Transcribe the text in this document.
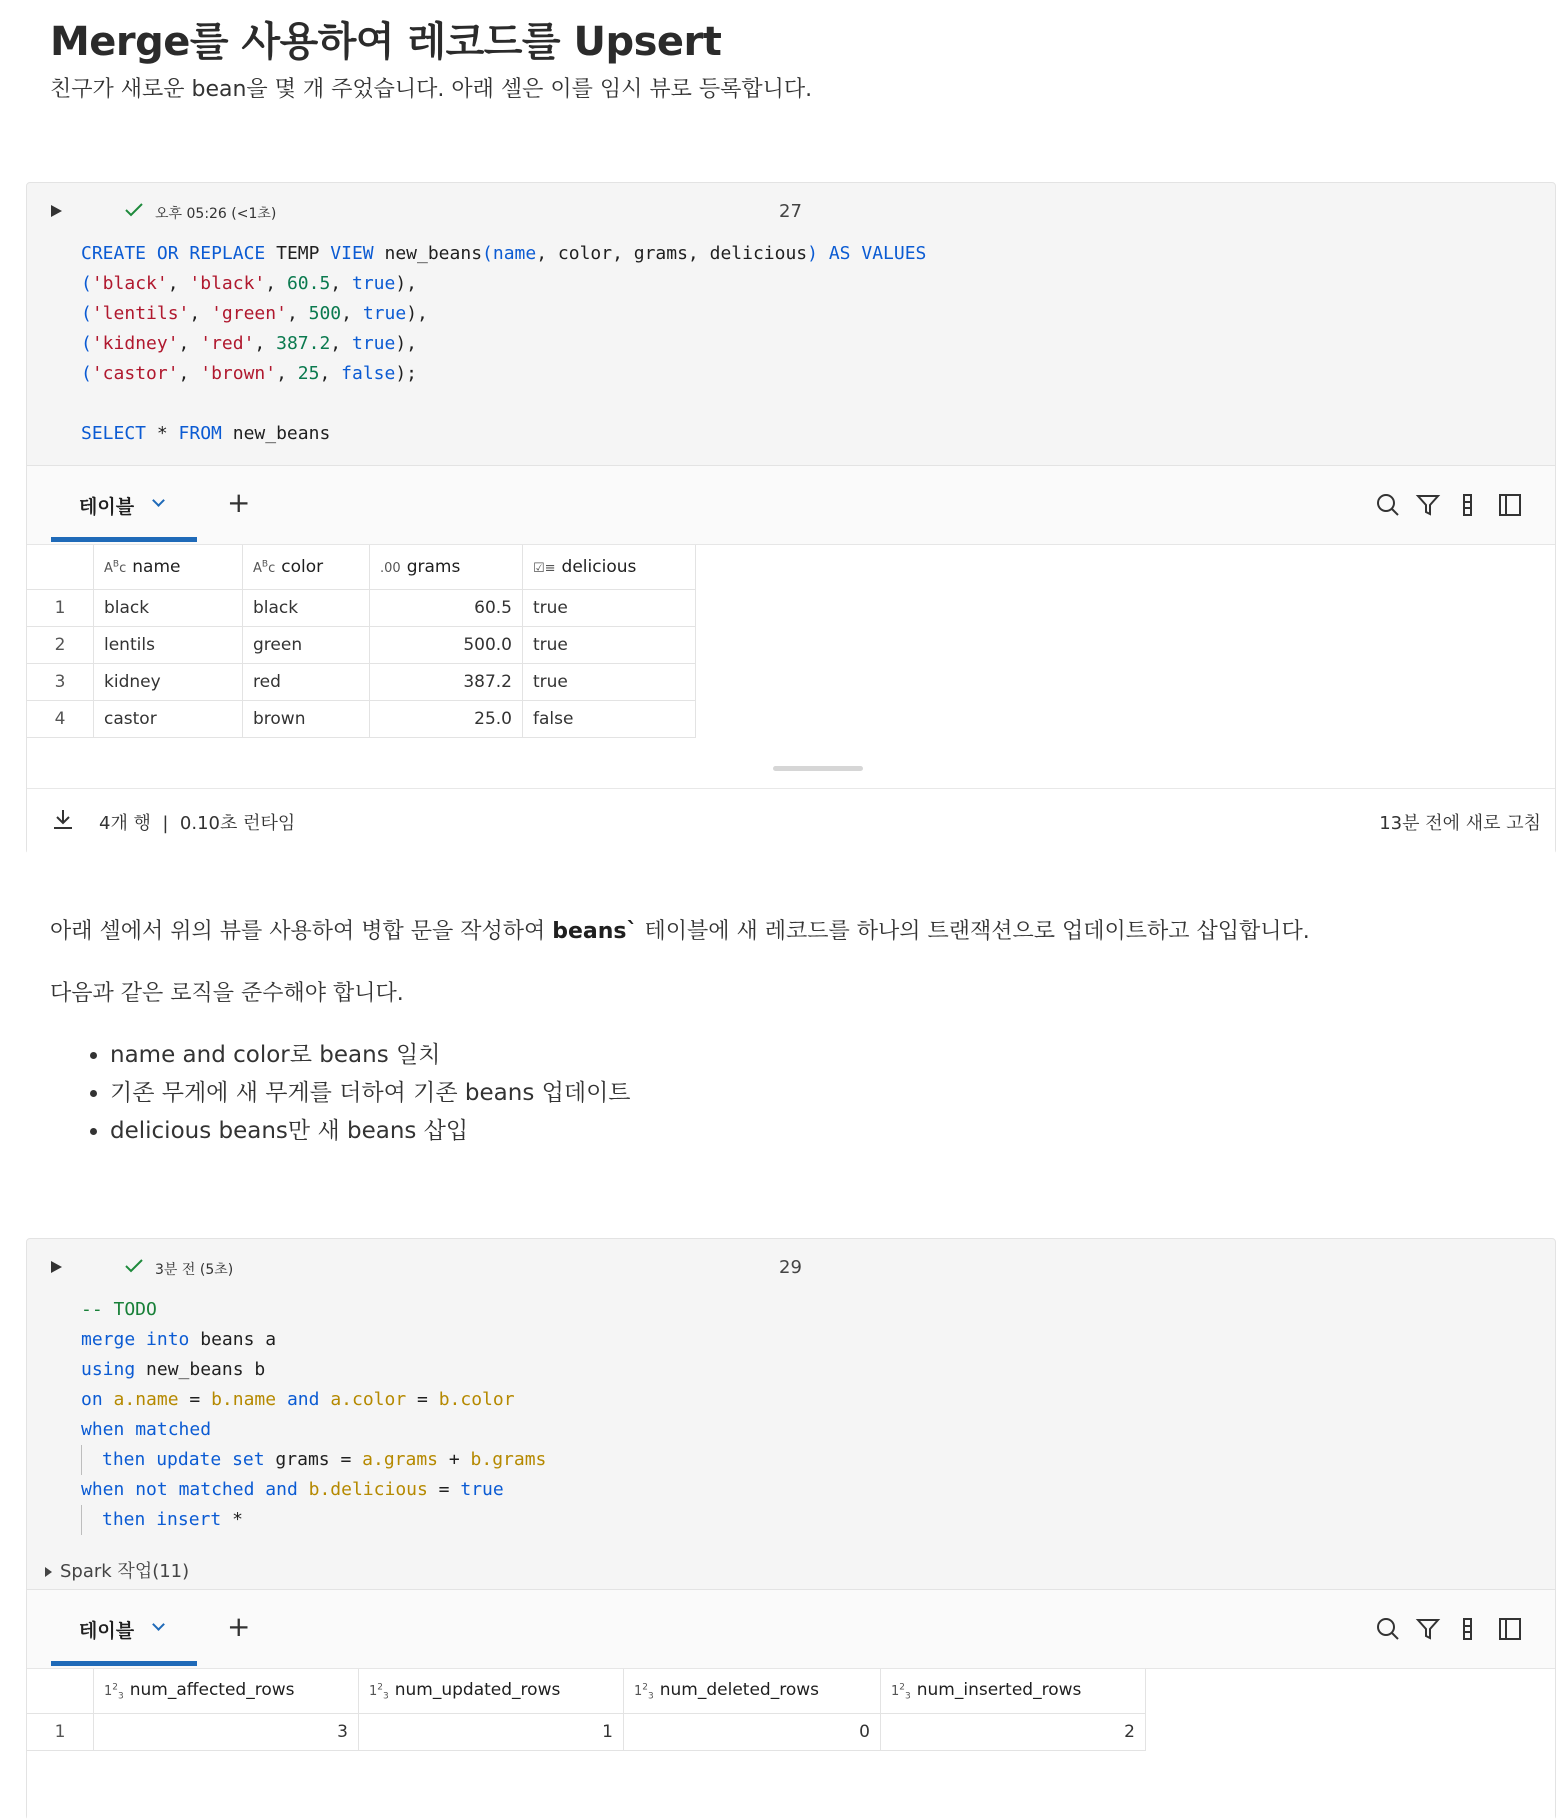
Merge를 사용하여 레코드를 Upsert
친구가 새로운 bean을 몇 개 주었습니다. 아래 셀은 이를 임시 뷰로 등록합니다.
오후 05:26 (<1초)	27
CREATE OR REPLACE TEMP VIEW new_beans(name, color, grams, delicious) AS VALUES
('black', 'black', 60.5, true),
('lentils', 'green', 500, true),
('kidney', 'red', 387.2, true),
('castor', 'brown', 25, false);

SELECT * FROM new_beans
테이블	+
	$A^Bc$ name	$A^Bc$ color	.00 grams	☑≡ delicious
1	black	black	60.5	true
2	lentils	green	500.0	true
3	kidney	red	387.2	true
4	castor	brown	25.0	false
4개 행  |  0.10초 런타임	13분 전에 새로 고침
아래 셀에서 위의 뷰를 사용하여 병합 문을 작성하여 beans` 테이블에 새 레코드를 하나의 트랜잭션으로 업데이트하고 삽입합니다.
다음과 같은 로직을 준수해야 합니다.
• name and color로 beans 일치
• 기존 무게에 새 무게를 더하여 기존 beans 업데이트
• delicious beans만 새 beans 삽입
3분 전 (5초)	29
-- TODO
merge into beans a
using new_beans b
on a.name = b.name and a.color = b.color
when matched
then update set grams = a.grams + b.grams
when not matched and b.delicious = true
then insert *
Spark 작업(11)
테이블	+
	$1^2_3$ num_affected_rows	$1^2_3$ num_updated_rows	$1^2_3$ num_deleted_rows	$1^2_3$ num_inserted_rows
1	3	1	0	2
